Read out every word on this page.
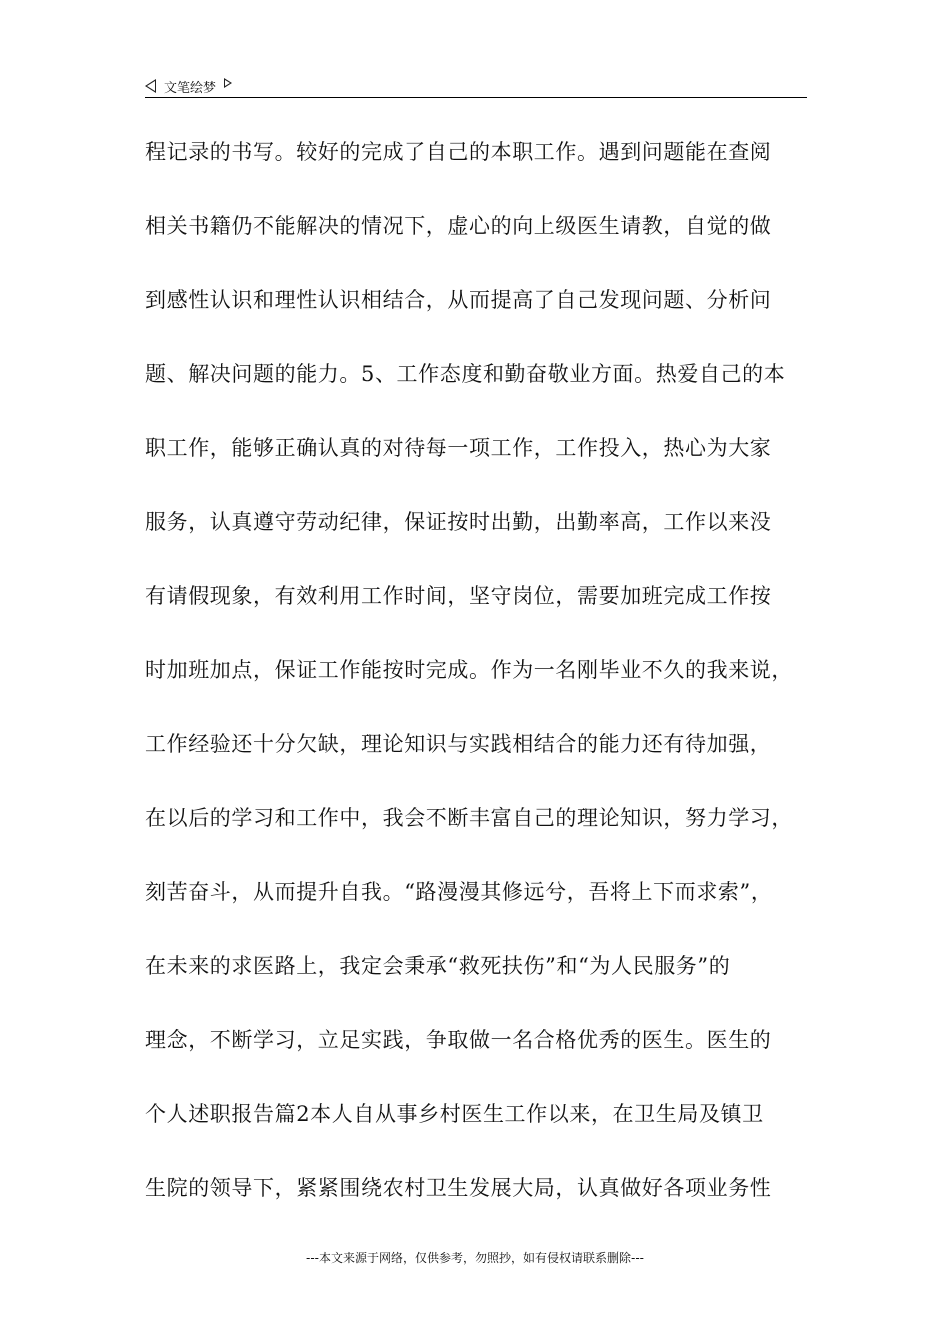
文笔绘梦
程记录的书写。较好的完成了自己的本职工作。遇到问题能在查阅
相关书籍仍不能解决的情况下，虚心的向上级医生请教，自觉的做
到感性认识和理性认识相结合，从而提高了自己发现问题、分析问
题、解决问题的能力。5、工作态度和勤奋敬业方面。热爱自己的本
职工作，能够正确认真的对待每一项工作，工作投入，热心为大家
服务，认真遵守劳动纪律，保证按时出勤，出勤率高，工作以来没
有请假现象，有效利用工作时间，坚守岗位，需要加班完成工作按
时加班加点，保证工作能按时完成。作为一名刚毕业不久的我来说，
工作经验还十分欠缺，理论知识与实践相结合的能力还有待加强，
在以后的学习和工作中，我会不断丰富自己的理论知识，努力学习，
刻苦奋斗，从而提升自我。“路漫漫其修远兮，吾将上下而求索”，
在未来的求医路上，我定会秉承“救死扶伤”和“为人民服务”的
理念，不断学习，立足实践，争取做一名合格优秀的医生。医生的
个人述职报告篇2本人自从事乡村医生工作以来，在卫生局及镇卫
生院的领导下，紧紧围绕农村卫生发展大局，认真做好各项业务性
---本文来源于网络，仅供参考，勿照抄，如有侵权请联系删除---
